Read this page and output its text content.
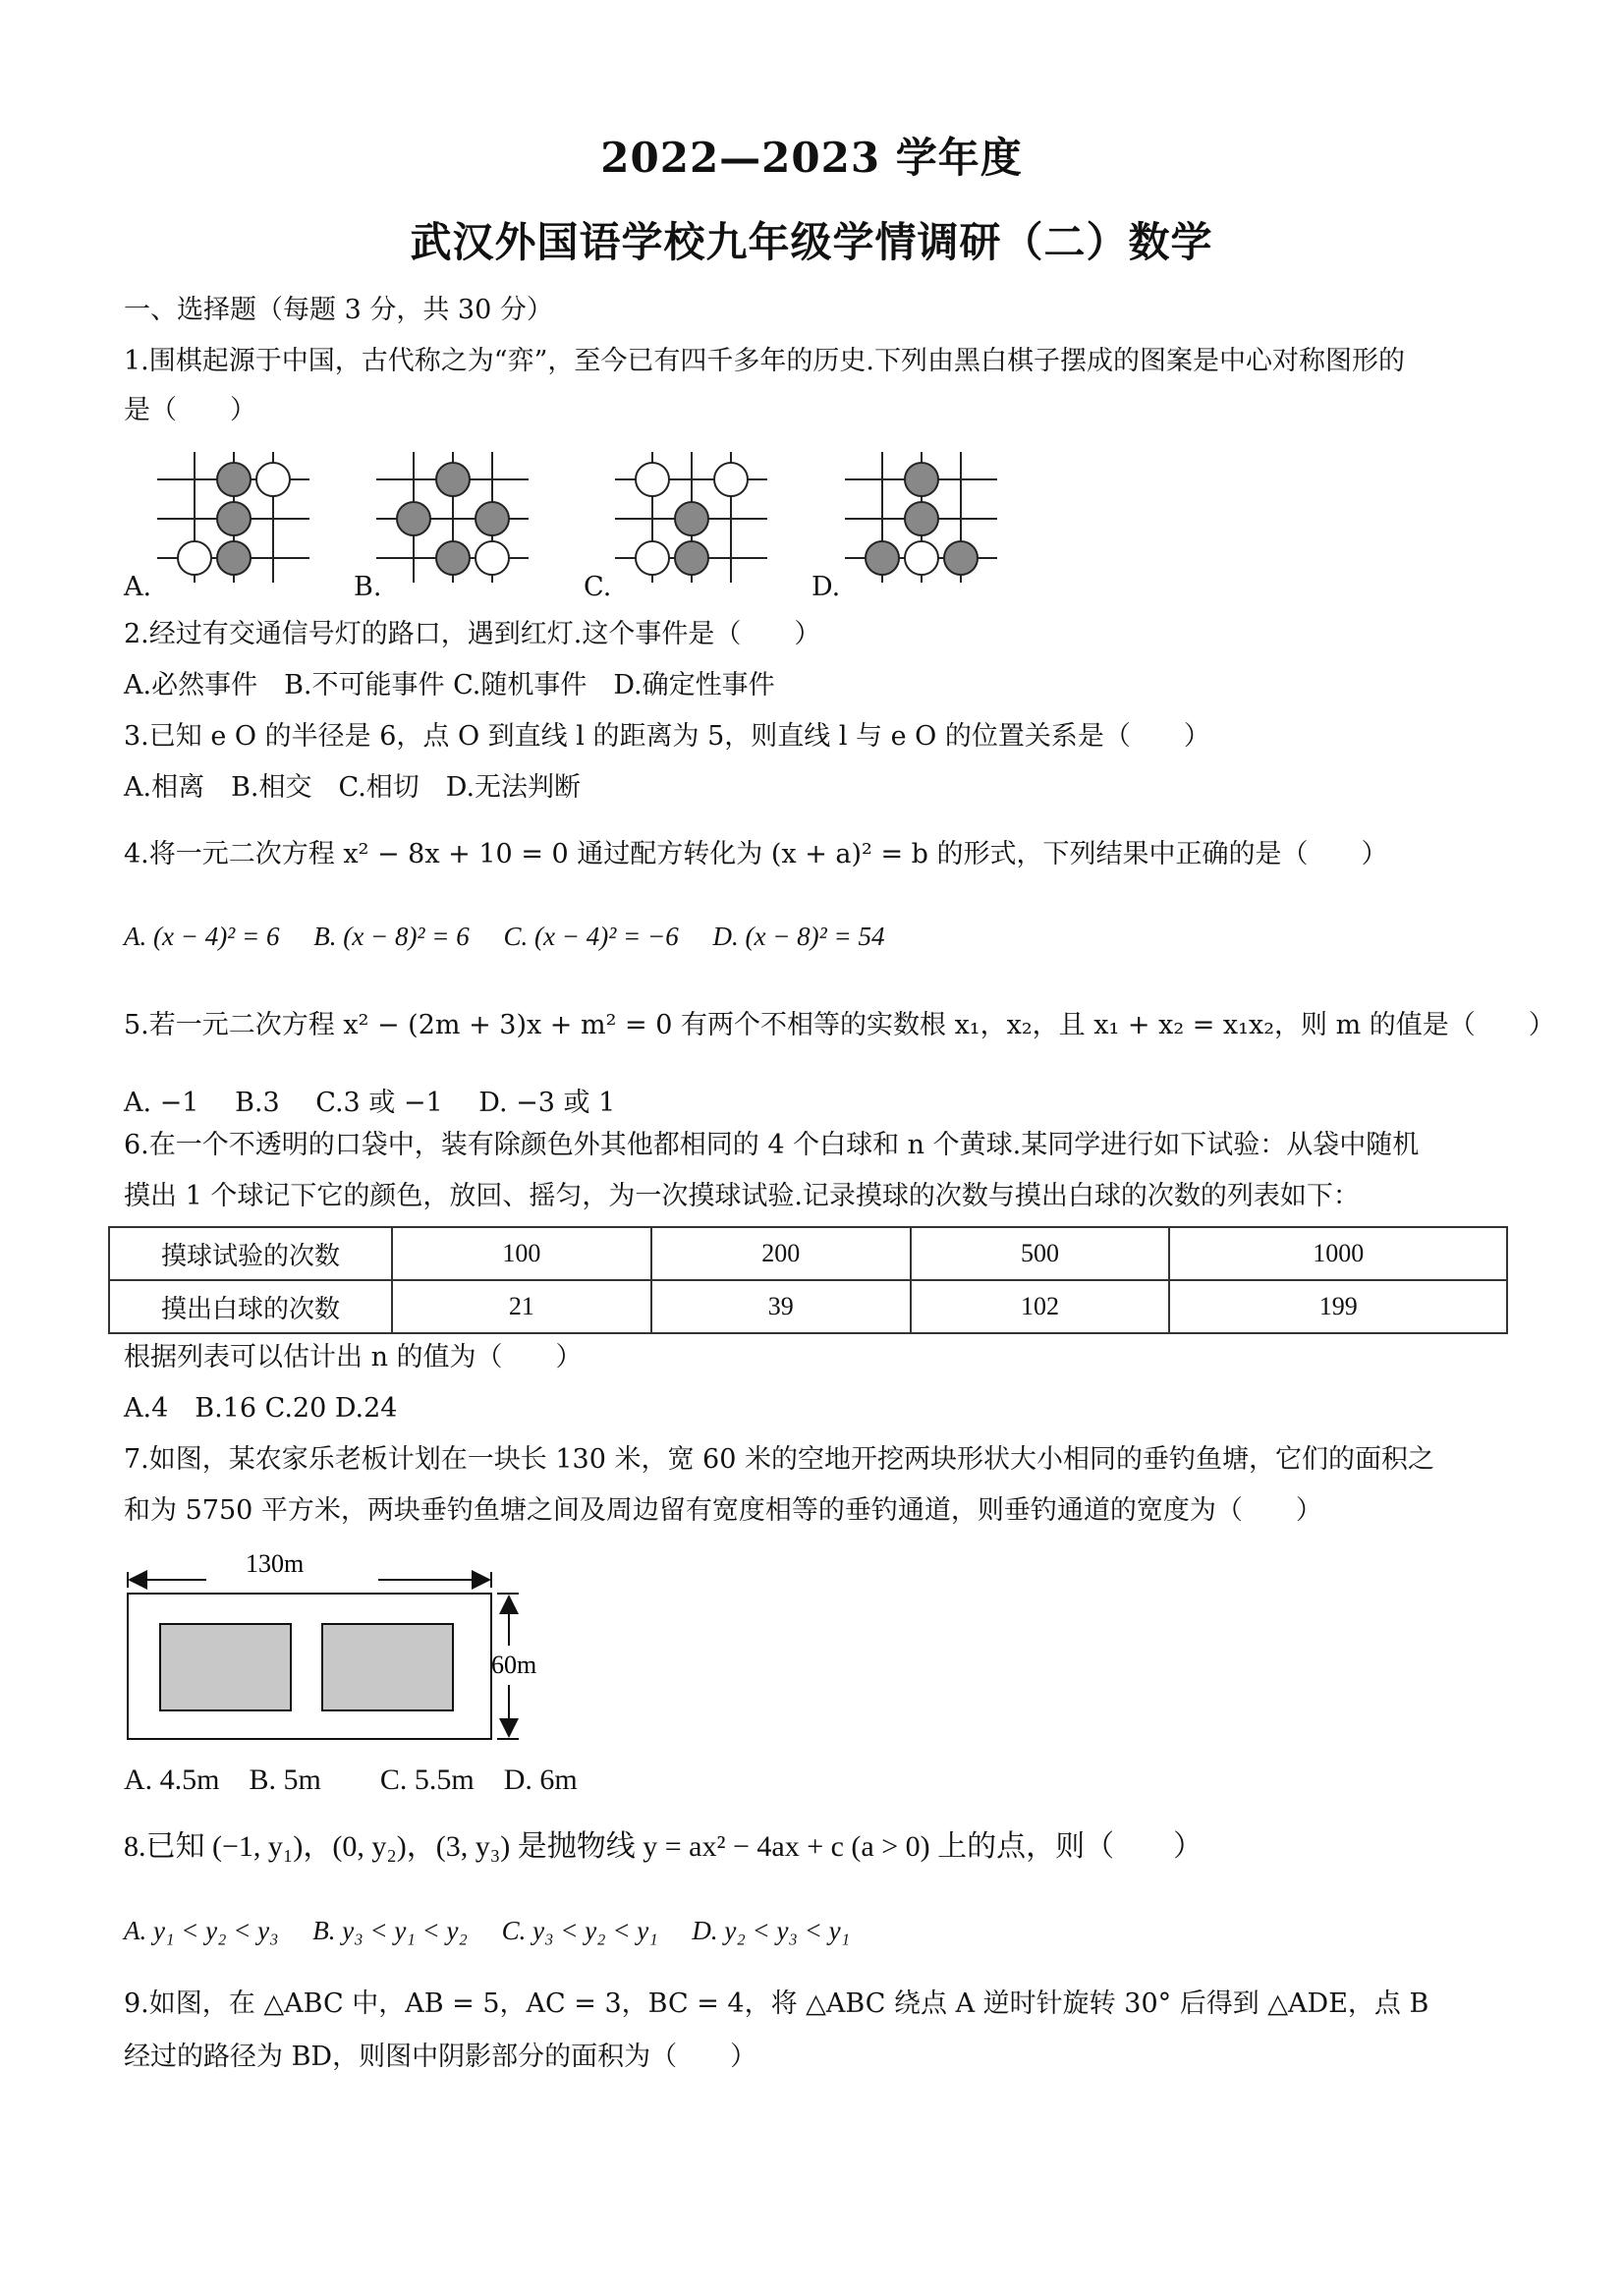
2022—2023 学年度
武汉外国语学校九年级学情调研（二）数学
一、选择题（每题 3 分，共 30 分）
1.围棋起源于中国，古代称之为“弈”，至今已有四千多年的历史.下列由黑白棋子摆成的图案是中心对称图形的
是（　　）
A.	B.	C.	D.
2.经过有交通信号灯的路口，遇到红灯.这个事件是（　　）
A.必然事件　B.不可能事件 C.随机事件　D.确定性事件
3.已知 e O 的半径是 6，点 O 到直线 l 的距离为 5，则直线 l 与 e O 的位置关系是（　　）
A.相离　B.相交　C.相切　D.无法判断
4.将一元二次方程 x² − 8x + 10 = 0 通过配方转化为 (x + a)² = b 的形式，下列结果中正确的是（　　）
A. (x − 4)² = 6 B. (x − 8)² = 6 C. (x − 4)² = −6 D. (x − 8)² = 54
5.若一元二次方程 x² − (2m + 3)x + m² = 0 有两个不相等的实数根 x₁，x₂，且 x₁ + x₂ = x₁x₂，则 m 的值是（　　）
A. −1 B.3 C.3 或 −1 D. −3 或 1
6.在一个不透明的口袋中，装有除颜色外其他都相同的 4 个白球和 n 个黄球.某同学进行如下试验：从袋中随机
摸出 1 个球记下它的颜色，放回、摇匀，为一次摸球试验.记录摸球的次数与摸出白球的次数的列表如下：
摸球试验的次数	100	200	500	1000
摸出白球的次数	21	39	102	199
根据列表可以估计出 n 的值为（　　）
A.4　B.16 C.20 D.24
7.如图，某农家乐老板计划在一块长 130 米，宽 60 米的空地开挖两块形状大小相同的垂钓鱼塘，它们的面积之
和为 5750 平方米，两块垂钓鱼塘之间及周边留有宽度相等的垂钓通道，则垂钓通道的宽度为（　　）
130m
60m
A. 4.5m　B. 5m　　C. 5.5m　D. 6m
8.已知 (−1, y₁)，(0, y₂)，(3, y₃) 是抛物线 y = ax² − 4ax + c (a > 0) 上的点，则（　　）
A. y₁ < y₂ < y₃ B. y₃ < y₁ < y₂ C. y₃ < y₂ < y₁ D. y₂ < y₃ < y₁
9.如图，在 △ABC 中，AB = 5，AC = 3，BC = 4，将 △ABC 绕点 A 逆时针旋转 30° 后得到 △ADE，点 B
经过的路径为 BD，则图中阴影部分的面积为（　　）
